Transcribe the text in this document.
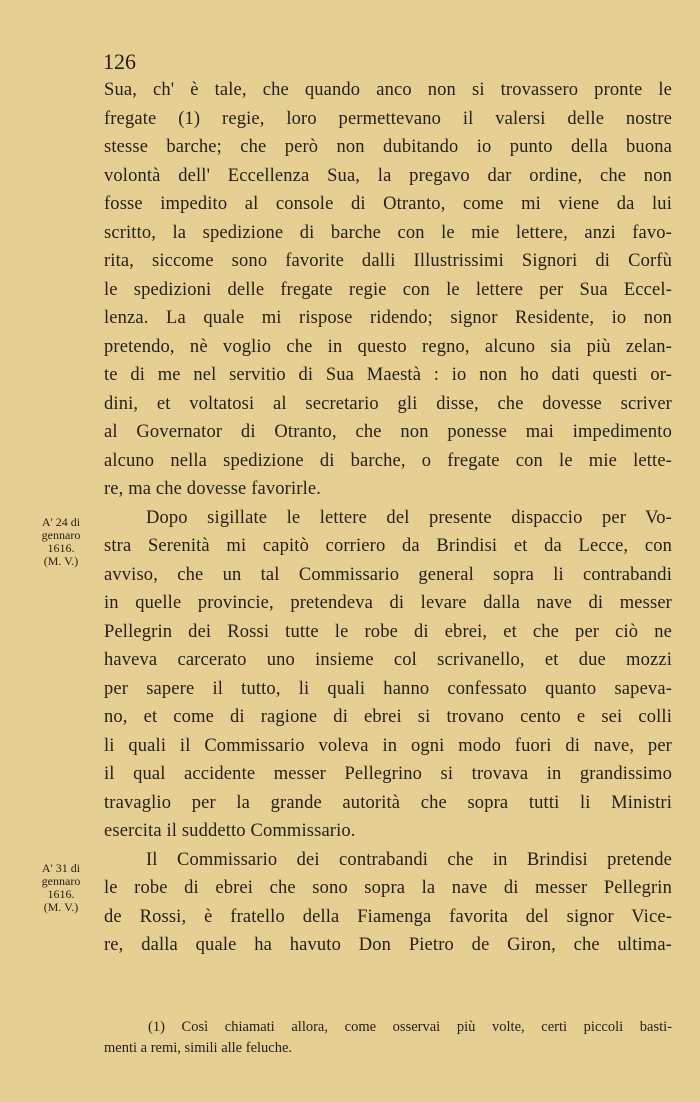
126
Sua, ch' è tale, che quando anco non si trovassero pronte le
fregate (1) regie, loro permettevano il valersi delle nostre
stesse barche; che però non dubitando io punto della buona
volontà dell' Eccellenza Sua, la pregavo dar ordine, che non
fosse impedito al console di Otranto, come mi viene da lui
scritto, la spedizione di barche con le mie lettere, anzi favo-
rita, siccome sono favorite dalli Illustrissimi Signori di Corfù
le spedizioni delle fregate regie con le lettere per Sua Eccel-
lenza. La quale mi rispose ridendo; signor Residente, io non
pretendo, nè voglio che in questo regno, alcuno sia più zelan-
te di me nel servitio di Sua Maestà : io non ho dati questi or-
dini, et voltatosi al secretario gli disse, che dovesse scriver
al Governator di Otranto, che non ponesse mai impedimento
alcuno nella spedizione di barche, o fregate con le mie lette-
re, ma che dovesse favorirle.
Dopo sigillate le lettere del presente dispaccio per Vo-
stra Serenità mi capitò corriero da Brindisi et da Lecce, con
avviso, che un tal Commissario general sopra li contrabandi
in quelle provincie, pretendeva di levare dalla nave di messer
Pellegrin dei Rossi tutte le robe di ebrei, et che per ciò ne
haveva carcerato uno insieme col scrivanello, et due mozzi
per sapere il tutto, li quali hanno confessato quanto sapeva-
no, et come di ragione di ebrei si trovano cento e sei colli
li quali il Commissario voleva in ogni modo fuori di nave, per
il qual accidente messer Pellegrino si trovava in grandissimo
travaglio per la grande autorità che sopra tutti li Ministri
esercita il suddetto Commissario.
Il Commissario dei contrabandi che in Brindisi pretende
le robe di ebrei che sono sopra la nave di messer Pellegrin
de Rossi, è fratello della Fiamenga favorita del signor Vice-
re, dalla quale ha havuto Don Pietro de Giron, che ultima-
A' 24 di
gennaro
1616.
(M. V.)
A' 31 di
gennaro
1616.
(M. V.)
(1) Così chiamati allora, come osservai più volte, certi piccoli basti-
menti a remi, simili alle feluche.
